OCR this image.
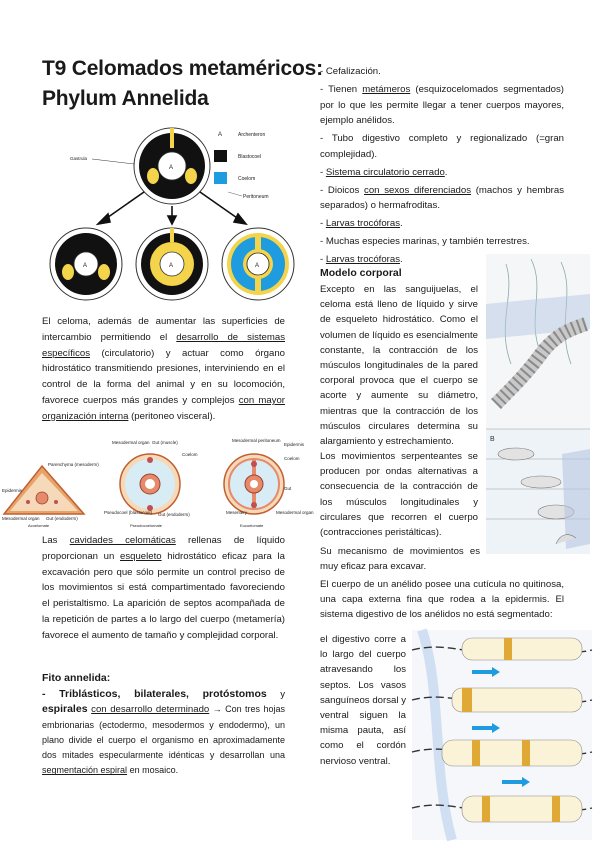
T9 Celomados metaméricos:
Phylum Annelida
A
Gastrula
A	Archenteron
Blastocoel
Coelom
Peritoneum
A	A	A
El celoma, además de aumentar las superficies de intercambio permitiendo el desarrollo de sistemas específicos (circulatorio) y actuar como órgano hidrostático transmitiendo presiones, interviniendo en el control de la forma del animal y en su locomoción, favorece cuerpos más grandes y complejos con mayor organización interna (peritoneo visceral).
Epidermis
Parenchyma (mesoderm)
Mesodermal organ Gut (endoderm)
Acoelomate
Mesodermal organ Gut (muscle)
Coelom
Pseudocoel (blastocoel) Gut (endoderm)
Pseudocoelomate
Mesodermal peritoneum
Epidermis
Coelom
Gut
Mesentery	Mesodermal organ
Eucoelomate
Las cavidades celomáticas rellenas de líquido proporcionan un esqueleto hidrostático eficaz para la excavación pero que sólo permite un control preciso de los movimientos si está compartimentado favoreciendo el peristaltismo. La aparición de septos acompañada de la repetición de partes a lo largo del cuerpo (metamería) favorece el aumento de tamaño y complejidad corporal.
Fito annelida:
- Triblásticos, bilaterales, protóstomos y espirales con desarrollo determinado → Con tres hojas embrionarias (ectodermo, mesodermos y endodermo), un plano divide el cuerpo el organismo en aproximadamente dos mitades especularmente idénticas y desarrollan una segmentación espiral en mosaico.
- Cefalización.
- Tienen metámeros (esquizocelomados segmentados) por lo que les permite llegar a tener cuerpos mayores, ejemplo anélidos.
- Tubo digestivo completo y regionalizado (=gran complejidad).
- Sistema circulatorio cerrado.
- Dioicos con sexos diferenciados (machos y hembras separados) o hermafroditas.
- Larvas trocóforas.
- Muchas especies marinas, y también terrestres.
- Larvas trocóforas.
Modelo corporal
Excepto en las sanguijuelas, el celoma está lleno de líquido y sirve de esqueleto hidrostático. Como el volumen de líquido es esencialmente constante, la contracción de los músculos longitudinales de la pared corporal provoca que el cuerpo se acorte y aumente su diámetro, mientras que la contracción de los músculos circulares determina su alargamiento y estrechamiento.
Los movimientos serpenteantes se producen por ondas alternativas a consecuencia de la contracción de los músculos longitudinales y circulares que recorren el cuerpo (contracciones peristálticas).
Su mecanismo de movimientos es muy eficaz para excavar.
El cuerpo de un anélido posee una cutícula no quitinosa, una capa externa fina que rodea a la epidermis. El sistema digestivo de los anélidos no está segmentado:
el digestivo corre a lo largo del cuerpo atravesando los septos. Los vasos sanguíneos dorsal y ventral siguen la misma pauta, así como el cordón nervioso ventral.
B
